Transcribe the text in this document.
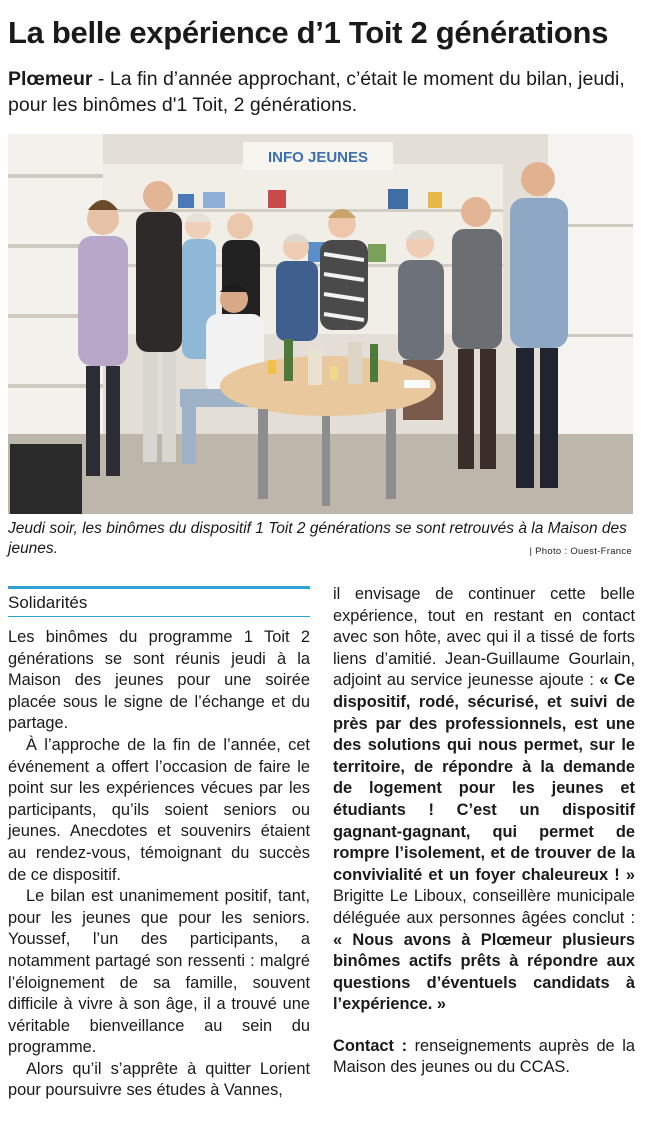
La belle expérience d’1 Toit 2 générations
Plœmeur - La fin d’année approchant, c’était le moment du bilan, jeudi, pour les binômes d'1 Toit, 2 générations.
INFO JEUNES
Jeudi soir, les binômes du dispositif 1 Toit 2 générations se sont retrouvés à la Maison des jeunes.	| Photo : Ouest-France
Solidarités

Les binômes du programme 1 Toit 2 générations se sont réunis jeudi à la Maison des jeunes pour une soirée placée sous le signe de l’échange et du partage.

À l’approche de la fin de l’année, cet événement a offert l’occasion de faire le point sur les expériences vécues par les participants, qu’ils soient seniors ou jeunes. Anecdotes et souvenirs étaient au rendez-vous, témoignant du succès de ce dispositif.

Le bilan est unanimement positif, tant, pour les jeunes que pour les seniors. Youssef, l’un des participants, a notamment partagé son ressenti : malgré l’éloignement de sa famille, souvent difficile à vivre à son âge, il a trouvé une véritable bienveillance au sein du programme.

Alors qu’il s’apprête à quitter Lorient pour poursuivre ses études à Vannes,

il envisage de continuer cette belle expérience, tout en restant en contact avec son hôte, avec qui il a tissé de forts liens d’amitié. Jean-Guillaume Gourlain, adjoint au service jeunesse ajoute : « Ce dispositif, rodé, sécurisé, et suivi de près par des professionnels, est une des solutions qui nous permet, sur le territoire, de répondre à la demande de logement pour les jeunes et étudiants ! C’est un dispositif gagnant-gagnant, qui permet de rompre l’isolement, et de trouver de la convivialité et un foyer chaleureux ! » Brigitte Le Liboux, conseillère municipale déléguée aux personnes âgées conclut : « Nous avons à Plœmeur plusieurs binômes actifs prêts à répondre aux questions d’éventuels candidats à l’expérience. »

Contact : renseignements auprès de la Maison des jeunes ou du CCAS.
